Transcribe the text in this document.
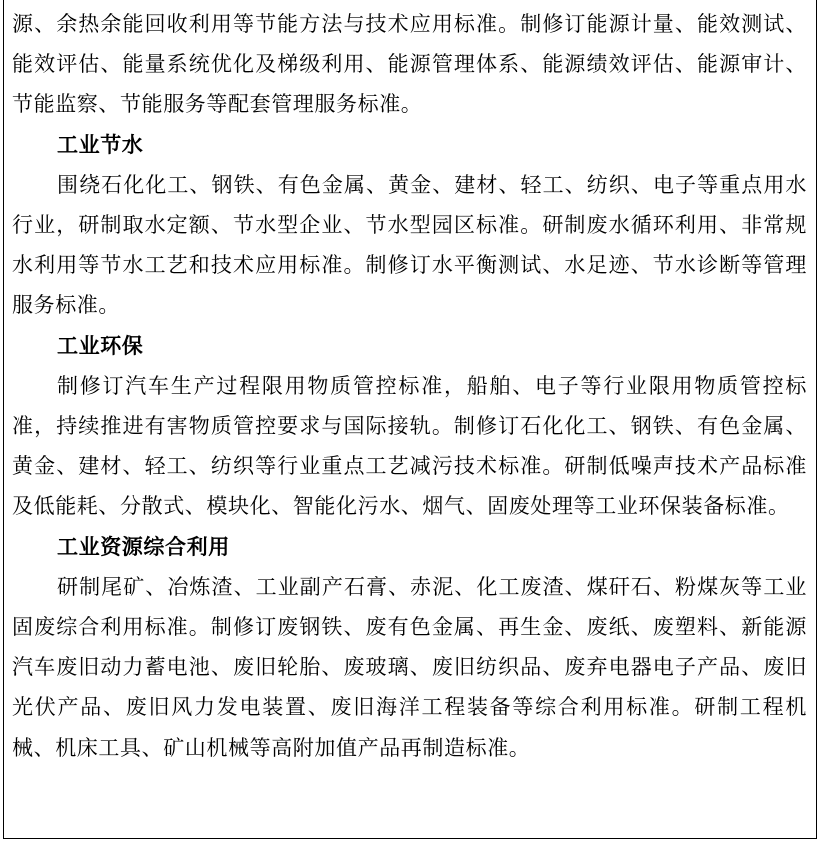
源、余热余能回收利用等节能方法与技术应用标准。制修订能源计量、能效测试、能效评估、能量系统优化及梯级利用、能源管理体系、能源绩效评估、能源审计、节能监察、节能服务等配套管理服务标准。

工业节水

围绕石化化工、钢铁、有色金属、黄金、建材、轻工、纺织、电子等重点用水行业，研制取水定额、节水型企业、节水型园区标准。研制废水循环利用、非常规水利用等节水工艺和技术应用标准。制修订水平衡测试、水足迹、节水诊断等管理服务标准。

工业环保

制修订汽车生产过程限用物质管控标准，船舶、电子等行业限用物质管控标准，持续推进有害物质管控要求与国际接轨。制修订石化化工、钢铁、有色金属、黄金、建材、轻工、纺织等行业重点工艺减污技术标准。研制低噪声技术产品标准及低能耗、分散式、模块化、智能化污水、烟气、固废处理等工业环保装备标准。

工业资源综合利用

研制尾矿、冶炼渣、工业副产石膏、赤泥、化工废渣、煤矸石、粉煤灰等工业固废综合利用标准。制修订废钢铁、废有色金属、再生金、废纸、废塑料、新能源汽车废旧动力蓄电池、废旧轮胎、废玻璃、废旧纺织品、废弃电器电子产品、废旧光伏产品、废旧风力发电装置、废旧海洋工程装备等综合利用标准。研制工程机械、机床工具、矿山机械等高附加值产品再制造标准。
